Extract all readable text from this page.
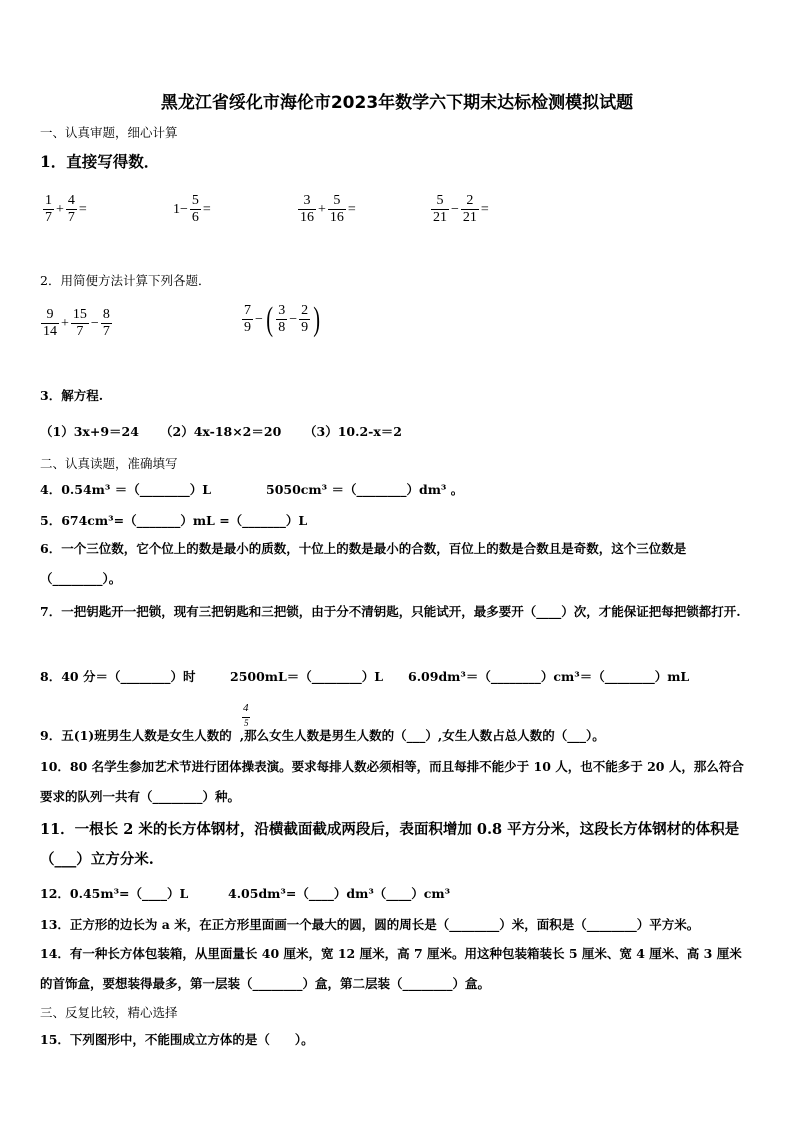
黑龙江省绥化市海伦市2023年数学六下期末达标检测模拟试题
一、认真审题，细心计算
1．直接写得数．
$\frac{1}{7} + \frac{4}{7}$ =	$1- \frac{5}{6}$ =	$\frac{3}{16} + \frac{5}{16}$ =	$\frac{5}{21} - \frac{2}{21}$ =
2．用简便方法计算下列各题．
$\frac{9}{14} + \frac{15}{7} - \frac{8}{7}$	$\frac{7}{9}$ −( $\frac{3}{8} - \frac{2}{9}$ )
3．解方程.
（1）3x+9＝24 （2）4x-18×2＝20 （3）10.2-x＝2
二、认真读题，准确填写
4．0.54m³ ＝（________）L	5050cm³ ＝（________）dm³ 。
5．674cm³=（_______）mL =（_______）L
6．一个三位数，它个位上的数是最小的质数，十位上的数是最小的合数，百位上的数是合数且是奇数，这个三位数是（________）。
7．一把钥匙开一把锁，现有三把钥匙和三把锁，由于分不清钥匙，只能试开，最多要开（____）次，才能保证把每把锁都打开.
8．40 分＝（________）时	2500mL＝（________）L 6.09dm³＝（________）cm³＝（________）mL
9．五(1)班男生人数是女生人数的 ,那么女生人数是男生人数的（___）,女生人数占总人数的（___）。
4
5
10．80 名学生参加艺术节进行团体操表演。要求每排人数必须相等，而且每排不能少于 10 人，也不能多于 20 人，那么符合要求的队列一共有（________）种。
11．一根长 2 米的长方体钢材，沿横截面截成两段后，表面积增加 0.8 平方分米，这段长方体钢材的体积是（___）立方分米.
12．0.45m³=（____）L	4.05dm³=（____）dm³（____）cm³
13．正方形的边长为 a 米，在正方形里面画一个最大的圆，圆的周长是（________）米，面积是（________）平方米。
14．有一种长方体包装箱，从里面量长 40 厘米，宽 12 厘米，高 7 厘米。用这种包装箱装长 5 厘米、宽 4 厘米、高 3 厘米的首饰盒，要想装得最多，第一层装（________）盒，第二层装（________）盒。
三、反复比较，精心选择
15．下列图形中，不能围成立方体的是（　　）。
